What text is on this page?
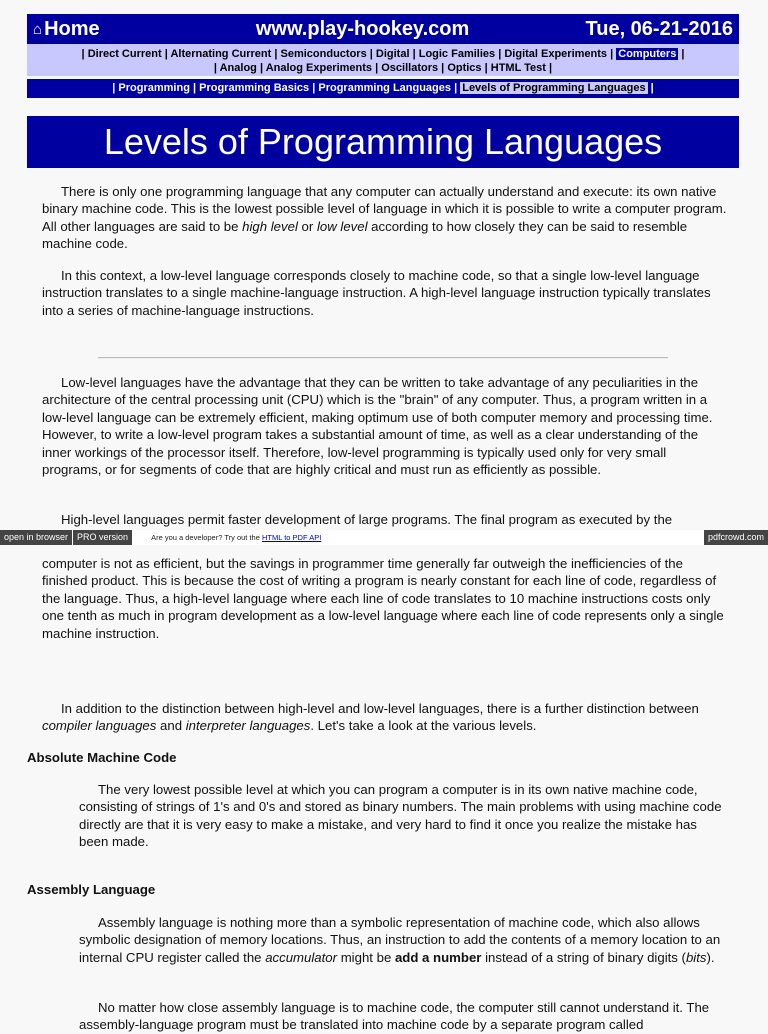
⌂ Home	www.play-hookey.com	Tue, 06-21-2016
| Direct Current | Alternating Current | Semiconductors | Digital | Logic Families | Digital Experiments | Computers |
| Analog | Analog Experiments | Oscillators | Optics | HTML Test |
| Programming | Programming Basics | Programming Languages | Levels of Programming Languages |
Levels of Programming Languages
There is only one programming language that any computer can actually understand and execute: its own native binary machine code. This is the lowest possible level of language in which it is possible to write a computer program. All other languages are said to be high level or low level according to how closely they can be said to resemble machine code.
In this context, a low-level language corresponds closely to machine code, so that a single low-level language instruction translates to a single machine-language instruction. A high-level language instruction typically translates into a series of machine-language instructions.
Low-level languages have the advantage that they can be written to take advantage of any peculiarities in the architecture of the central processing unit (CPU) which is the "brain" of any computer. Thus, a program written in a low-level language can be extremely efficient, making optimum use of both computer memory and processing time. However, to write a low-level program takes a substantial amount of time, as well as a clear understanding of the inner workings of the processor itself. Therefore, low-level programming is typically used only for very small programs, or for segments of code that are highly critical and must run as efficiently as possible.
High-level languages permit faster development of large programs. The final program as executed by the
open in browser	PRO version	Are you a developer? Try out the HTML to PDF API	pdfcrowd.com
computer is not as efficient, but the savings in programmer time generally far outweigh the inefficiencies of the finished product. This is because the cost of writing a program is nearly constant for each line of code, regardless of the language. Thus, a high-level language where each line of code translates to 10 machine instructions costs only one tenth as much in program development as a low-level language where each line of code represents only a single machine instruction.
In addition to the distinction between high-level and low-level languages, there is a further distinction between compiler languages and interpreter languages. Let's take a look at the various levels.
Absolute Machine Code
The very lowest possible level at which you can program a computer is in its own native machine code, consisting of strings of 1's and 0's and stored as binary numbers. The main problems with using machine code directly are that it is very easy to make a mistake, and very hard to find it once you realize the mistake has been made.
Assembly Language
Assembly language is nothing more than a symbolic representation of machine code, which also allows symbolic designation of memory locations. Thus, an instruction to add the contents of a memory location to an internal CPU register called the accumulator might be add a number instead of a string of binary digits (bits).
No matter how close assembly language is to machine code, the computer still cannot understand it. The assembly-language program must be translated into machine code by a separate program called
